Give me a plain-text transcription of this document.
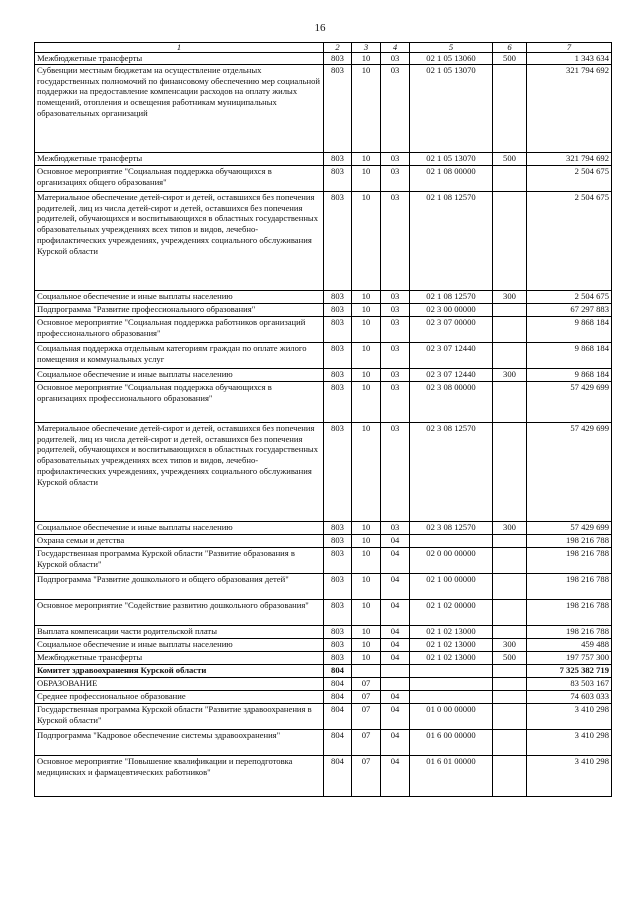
16
1	2	3	4	5	6	7
Межбюджетные трансферты	803	10	03	02 1 05 13060	500	1 343 634
Субвенции местным бюджетам на осуществление отдельных государственных полномочий по финансовому обеспечению мер социальной поддержки на предоставление компенсации расходов на оплату жилых помещений, отопления и освещения работникам муниципальных образовательных организаций	803	10	03	02 1 05 13070		321 794 692
Межбюджетные трансферты	803	10	03	02 1 05 13070	500	321 794 692
Основное мероприятие "Социальная поддержка обучающихся в организациях общего образования"	803	10	03	02 1 08 00000		2 504 675
Материальное обеспечение детей-сирот и детей, оставшихся без попечения родителей, лиц из числа детей-сирот и детей, оставшихся без попечения родителей, обучающихся и воспитывающихся в областных государственных образовательных учреждениях всех типов и видов, лечебно-профилактических учреждениях, учреждениях социального обслуживания Курской области	803	10	03	02 1 08 12570		2 504 675
Социальное обеспечение и иные выплаты населению	803	10	03	02 1 08 12570	300	2 504 675
Подпрограмма "Развитие профессионального образования"	803	10	03	02 3 00 00000		67 297 883
Основное мероприятие "Социальная поддержка работников организаций профессионального образования"	803	10	03	02 3 07 00000		9 868 184
Социальная поддержка отдельным категориям граждан по оплате жилого помещения и коммунальных услуг	803	10	03	02 3 07 12440		9 868 184
Социальное обеспечение и иные выплаты населению	803	10	03	02 3 07 12440	300	9 868 184
Основное мероприятие "Социальная поддержка обучающихся в организациях профессионального образования"	803	10	03	02 3 08 00000		57 429 699
Материальное обеспечение детей-сирот и детей, оставшихся без попечения родителей, лиц из числа детей-сирот и детей, оставшихся без попечения родителей, обучающихся и воспитывающихся в областных государственных образовательных учреждениях всех типов и видов, лечебно-профилактических учреждениях, учреждениях социального обслуживания Курской области	803	10	03	02 3 08 12570		57 429 699
Социальное обеспечение и иные выплаты населению	803	10	03	02 3 08 12570	300	57 429 699
Охрана семьи и детства	803	10	04			198 216 788
Государственная программа Курской области "Развитие образования в Курской области"	803	10	04	02 0 00 00000		198 216 788
Подпрограмма "Развитие дошкольного и общего образования детей"	803	10	04	02 1 00 00000		198 216 788
Основное мероприятие "Содействие развитию дошкольного образования"	803	10	04	02 1 02 00000		198 216 788
Выплата компенсации части родительской платы	803	10	04	02 1 02 13000		198 216 788
Социальное обеспечение и иные выплаты населению	803	10	04	02 1 02 13000	300	459 488
Межбюджетные трансферты	803	10	04	02 1 02 13000	500	197 757 300
Комитет здравоохранения Курской области	804					7 325 382 719
ОБРАЗОВАНИЕ	804	07				83 503 167
Среднее профессиональное образование	804	07	04			74 603 033
Государственная программа Курской области "Развитие здравоохранения в Курской области"	804	07	04	01 0 00 00000		3 410 298
Подпрограмма "Кадровое обеспечение системы здравоохранения"	804	07	04	01 6 00 00000		3 410 298
Основное мероприятие "Повышение квалификации и переподготовка медицинских и фармацевтических работников"	804	07	04	01 6 01 00000		3 410 298
